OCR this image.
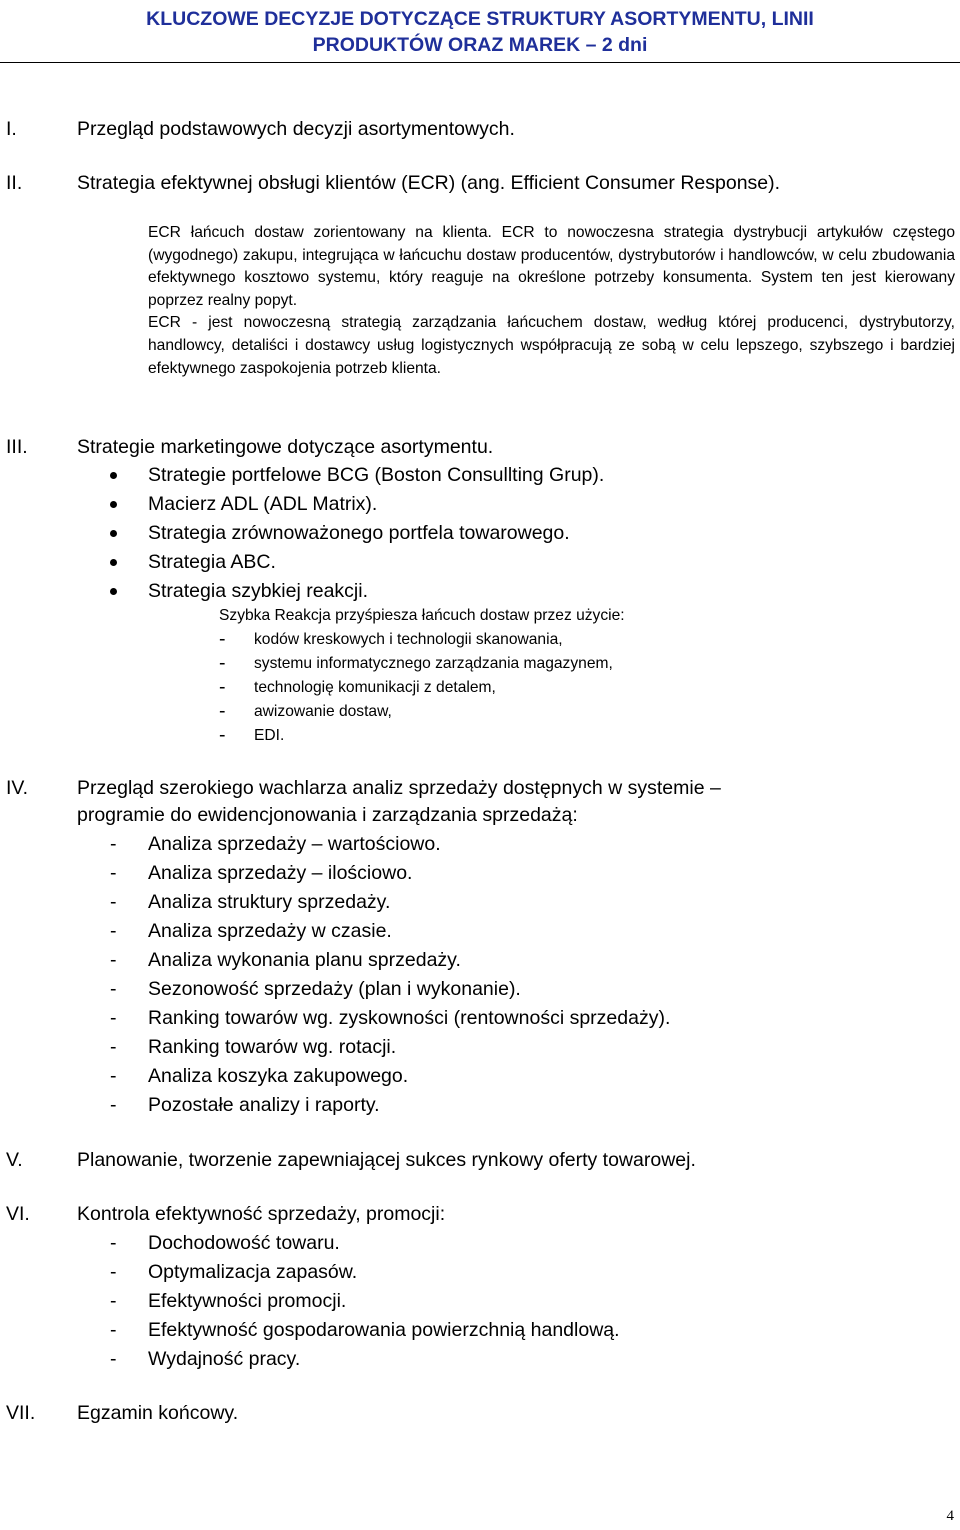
KLUCZOWE DECYZJE DOTYCZĄCE STRUKTURY ASORTYMENTU, LINII
PRODUKTÓW ORAZ MAREK – 2 dni
I.	Przegląd podstawowych decyzji asortymentowych.
II.	Strategia efektywnej obsługi klientów (ECR) (ang. Efficient Consumer Response).

ECR łańcuch dostaw zorientowany na klienta. ECR to nowoczesna strategia dystrybucji artykułów częstego (wygodnego) zakupu, integrująca w łańcuchu dostaw producentów, dystrybutorów i handlowców, w celu zbudowania efektywnego kosztowo systemu, który reaguje na określone potrzeby konsumenta. System ten jest kierowany poprzez realny popyt.

ECR - jest nowoczesną strategią zarządzania łańcuchem dostaw, według której producenci, dystrybutorzy, handlowcy, detaliści i dostawcy usług logistycznych współpracują ze sobą w celu lepszego, szybszego i bardziej efektywnego zaspokojenia potrzeb klienta.

III.	Strategie marketingowe dotyczące asortymentu.
Strategie portfelowe BCG (Boston Consullting Grup).
Macierz ADL (ADL Matrix).
Strategia zrównoważonego portfela towarowego.
Strategia ABC.
Strategia szybkiej reakcji.
Szybka Reakcja przyśpiesza łańcuch dostaw przez użycie:
- kodów kreskowych i technologii skanowania,
- systemu informatycznego zarządzania magazynem,
- technologię komunikacji z detalem,
- awizowanie dostaw,
- EDI.
IV.	Przegląd szerokiego wachlarza analiz sprzedaży dostępnych w systemie –
programie do ewidencjonowania i zarządzania sprzedażą:
- Analiza sprzedaży – wartościowo.
- Analiza sprzedaży – ilościowo.
- Analiza struktury sprzedaży.
- Analiza sprzedaży w czasie.
- Analiza wykonania planu sprzedaży.
- Sezonowość sprzedaży (plan i wykonanie).
- Ranking towarów wg. zyskowności (rentowności sprzedaży).
- Ranking towarów wg. rotacji.
- Analiza koszyka zakupowego.
- Pozostałe analizy i raporty.
V.	Planowanie, tworzenie zapewniającej sukces rynkowy oferty towarowej.
VI. Kontrola efektywność sprzedaży, promocji:
- Dochodowość towaru.
- Optymalizacja zapasów.
- Efektywności promocji.
- Efektywność gospodarowania powierzchnią handlową.
- Wydajność pracy.
VII. Egzamin końcowy.
4
